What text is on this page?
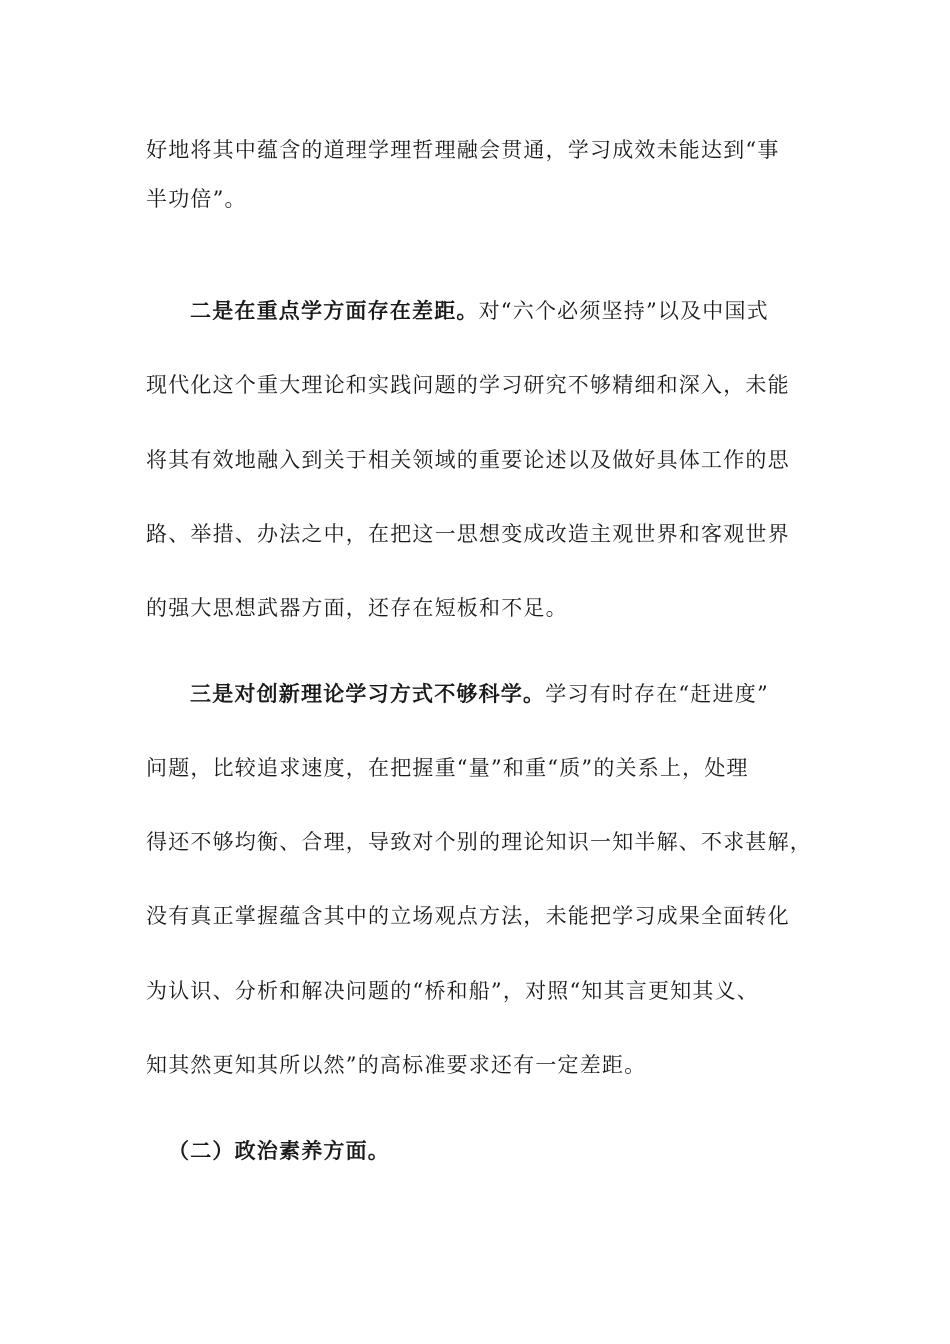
好地将其中蕴含的道理学理哲理融会贯通，学习成效未能达到“事
半功倍”。
二是在重点学方面存在差距。对“六个必须坚持”以及中国式
现代化这个重大理论和实践问题的学习研究不够精细和深入，未能
将其有效地融入到关于相关领域的重要论述以及做好具体工作的思
路、举措、办法之中，在把这一思想变成改造主观世界和客观世界
的强大思想武器方面，还存在短板和不足。
三是对创新理论学习方式不够科学。学习有时存在“赶进度”
问题，比较追求速度，在把握重“量”和重“质”的关系上，处理
得还不够均衡、合理，导致对个别的理论知识一知半解、不求甚解，
没有真正掌握蕴含其中的立场观点方法，未能把学习成果全面转化
为认识、分析和解决问题的“桥和船”，对照“知其言更知其义、
知其然更知其所以然”的高标准要求还有一定差距。
（二）政治素养方面。
